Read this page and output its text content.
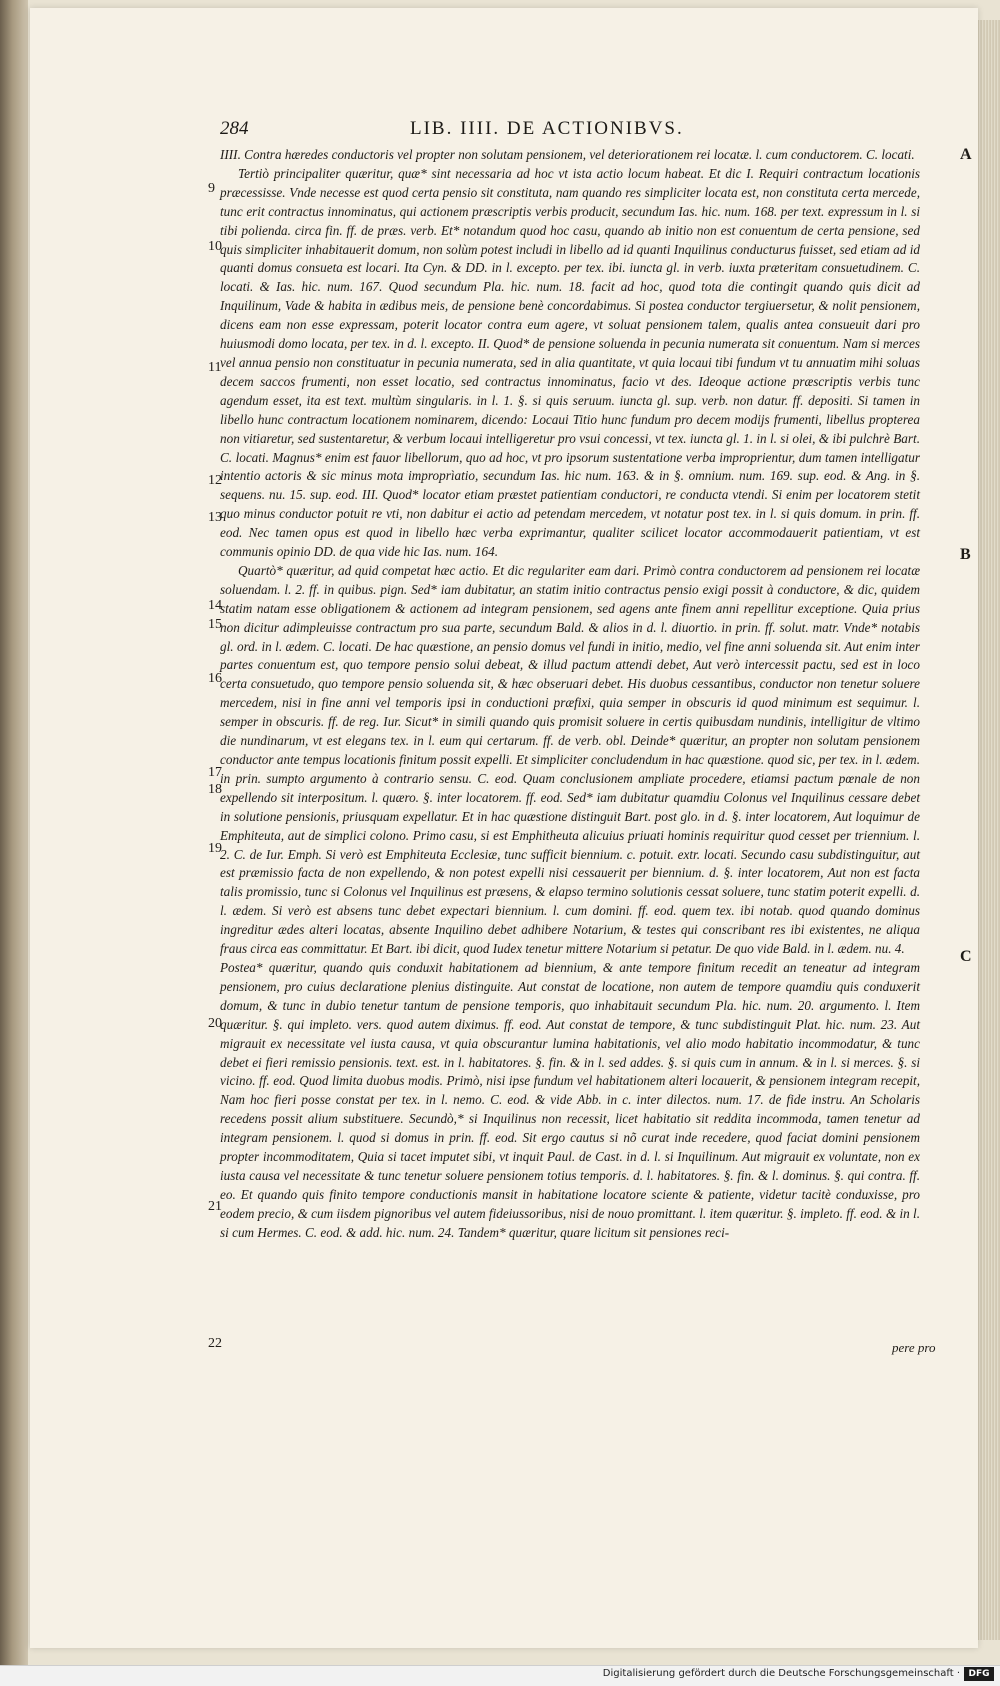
284	LIB. IIII. DE ACTIONIBVS.
9
10
11
12
13
14
15
16
17
18
19
20
21
22
A
B
C

IIII. Contra hæredes conductoris vel propter non solutam pensionem, vel deteriorationem rei locatæ. l. cum conductorem. C. locati.

Tertiò principaliter quæritur, quæ* sint necessaria ad hoc vt ista actio locum habeat. Et dic I. Requiri contractum locationis præcessisse. Vnde necesse est quod certa pensio sit constituta, nam quando res simpliciter locata est, non constituta certa mercede, tunc erit contractus innominatus, qui actionem præscriptis verbis producit, secundum Ias. hic. num. 168. per text. expressum in l. si tibi polienda. circa fin. ff. de præs. verb. Et* notandum quod hoc casu, quando ab initio non est conuentum de certa pensione, sed quis simpliciter inhabitauerit domum, non solùm potest includi in libello ad id quanti Inquilinus conducturus fuisset, sed etiam ad id quanti domus consueta est locari. Ita Cyn. & DD. in l. excepto. per tex. ibi. iuncta gl. in verb. iuxta præteritam consuetudinem. C. locati. & Ias. hic. num. 167. Quod secundum Pla. hic. num. 18. facit ad hoc, quod tota die contingit quando quis dicit ad Inquilinum, Vade & habita in ædibus meis, de pensione benè concordabimus. Si postea conductor tergiuersetur, & nolit pensionem, dicens eam non esse expressam, poterit locator contra eum agere, vt soluat pensionem talem, qualis antea consueuit dari pro huiusmodi domo locata, per tex. in d. l. excepto. II. Quod* de pensione soluenda in pecunia numerata sit conuentum. Nam si merces vel annua pensio non constituatur in pecunia numerata, sed in alia quantitate, vt quia locaui tibi fundum vt tu annuatim mihi soluas decem saccos frumenti, non esset locatio, sed contractus innominatus, facio vt des. Ideoque actione præscriptis verbis tunc agendum esset, ita est text. multùm singularis. in l. 1. §. si quis seruum. iuncta gl. sup. verb. non datur. ff. depositi. Si tamen in libello hunc contractum locationem nominarem, dicendo: Locaui Titio hunc fundum pro decem modijs frumenti, libellus propterea non vitiaretur, sed sustentaretur, & verbum locaui intelligeretur pro vsui concessi, vt tex. iuncta gl. 1. in l. si olei, & ibi pulchrè Bart. C. locati. Magnus* enim est fauor libellorum, quo ad hoc, vt pro ipsorum sustentatione verba improprientur, dum tamen intelligatur intentio actoris & sic minus mota improprìatio, secundum Ias. hic num. 163. & in §. omnium. num. 169. sup. eod. & Ang. in §. sequens. nu. 15. sup. eod. III. Quod* locator etiam præstet patientiam conductori, re conducta vtendi. Si enim per locatorem stetit quo minus conductor potuit re vti, non dabitur ei actio ad petendam mercedem, vt notatur post tex. in l. si quis domum. in prin. ff. eod. Nec tamen opus est quod in libello hæc verba exprimantur, qualiter scilicet locator accommodauerit patientiam, vt est communis opinio DD. de qua vide hic Ias. num. 164.

Quartò* quæritur, ad quid competat hæc actio. Et dic regulariter eam dari. Primò contra conductorem ad pensionem rei locatæ soluendam. l. 2. ff. in quibus. pign. Sed* iam dubitatur, an statim initio contractus pensio exigi possit à conductore, & dic, quidem statim natam esse obligationem & actionem ad integram pensionem, sed agens ante finem anni repellitur exceptione. Quia prius non dicitur adimpleuisse contractum pro sua parte, secundum Bald. & alios in d. l. diuortio. in prin. ff. solut. matr. Vnde* notabis gl. ord. in l. ædem. C. locati. De hac quæstione, an pensio domus vel fundi in initio, medio, vel fine anni soluenda sit. Aut enim inter partes conuentum est, quo tempore pensio solui debeat, & illud pactum attendi debet, Aut verò intercessit pactu, sed est in loco certa consuetudo, quo tempore pensio soluenda sit, & hæc obseruari debet. His duobus cessantibus, conductor non tenetur soluere mercedem, nisi in fine anni vel temporis ipsi in conductioni præfixi, quia semper in obscuris id quod minimum est sequimur. l. semper in obscuris. ff. de reg. Iur. Sicut* in simili quando quis promisit soluere in certis quibusdam nundinis, intelligitur de vltimo die nundinarum, vt est elegans tex. in l. eum qui certarum. ff. de verb. obl. Deinde* quæritur, an propter non solutam pensionem conductor ante tempus locationis finitum possit expelli. Et simpliciter concludendum in hac quæstione. quod sic, per tex. in l. ædem. in prin. sumpto argumento à contrario sensu. C. eod. Quam conclusionem ampliate procedere, etiamsi pactum pœnale de non expellendo sit interpositum. l. quæro. §. inter locatorem. ff. eod. Sed* iam dubitatur quamdiu Colonus vel Inquilinus cessare debet in solutione pensionis, priusquam expellatur. Et in hac quæstione distinguit Bart. post glo. in d. §. inter locatorem, Aut loquimur de Emphiteuta, aut de simplici colono. Primo casu, si est Emphitheuta alicuius priuati hominis requiritur quod cesset per triennium. l. 2. C. de Iur. Emph. Si verò est Emphiteuta Ecclesiæ, tunc sufficit biennium. c. potuit. extr. locati. Secundo casu subdistinguitur, aut est præmissio facta de non expellendo, & non potest expelli nisi cessauerit per biennium. d. §. inter locatorem, Aut non est facta talis promissio, tunc si Colonus vel Inquilinus est præsens, & elapso termino solutionis cessat soluere, tunc statim poterit expelli. d. l. ædem. Si verò est absens tunc debet expectari biennium. l. cum domini. ff. eod. quem tex. ibi notab. quod quando dominus ingreditur ædes alteri locatas, absente Inquilino debet adhibere Notarium, & testes qui conscribant res ibi existentes, ne aliqua fraus circa eas committatur. Et Bart. ibi dicit, quod Iudex tenetur mittere Notarium si petatur. De quo vide Bald. in l. ædem. nu. 4.

Postea* quæritur, quando quis conduxit habitationem ad biennium, & ante tempore finitum recedit an teneatur ad integram pensionem, pro cuius declaratione plenius distinguite. Aut constat de locatione, non autem de tempore quamdiu quis conduxerit domum, & tunc in dubio tenetur tantum de pensione temporis, quo inhabitauit secundum Pla. hic. num. 20. argumento. l. Item quæritur. §. qui impleto. vers. quod autem diximus. ff. eod. Aut constat de tempore, & tunc subdistinguit Plat. hic. num. 23. Aut migrauit ex necessitate vel iusta causa, vt quia obscurantur lumina habitationis, vel alio modo habitatio incommodatur, & tunc debet ei fieri remissio pensionis. text. est. in l. habitatores. §. fin. & in l. sed addes. §. si quis cum in annum. & in l. si merces. §. si vicino. ff. eod. Quod limita duobus modis. Primò, nisi ipse fundum vel habitationem alteri locauerit, & pensionem integram recepit, Nam hoc fieri posse constat per tex. in l. nemo. C. eod. & vide Abb. in c. inter dilectos. num. 17. de fide instru. An Scholaris recedens possit alium substituere. Secundò,* si Inquilinus non recessit, licet habitatio sit reddita incommoda, tamen tenetur ad integram pensionem. l. quod si domus in prin. ff. eod. Sit ergo cautus si nõ curat inde recedere, quod faciat domini pensionem propter incommoditatem, Quia si tacet imputet sibi, vt inquit Paul. de Cast. in d. l. si Inquilinum. Aut migrauit ex voluntate, non ex iusta causa vel necessitate & tunc tenetur soluere pensionem totius temporis. d. l. habitatores. §. fin. & l. dominus. §. qui contra. ff. eo. Et quando quis finito tempore conductionis mansit in habitatione locatore sciente & patiente, videtur tacitè conduxisse, pro eodem precio, & cum iisdem pignoribus vel autem fideiussoribus, nisi de nouo promittant. l. item quæritur. §. impleto. ff. eod. & in l. si cum Hermes. C. eod. & add. hic. num. 24. Tandem* quæritur, quare licitum sit pensiones reci-

pere pro
Digitalisierung gefördert durch die Deutsche Forschungsgemeinschaft · DFG
